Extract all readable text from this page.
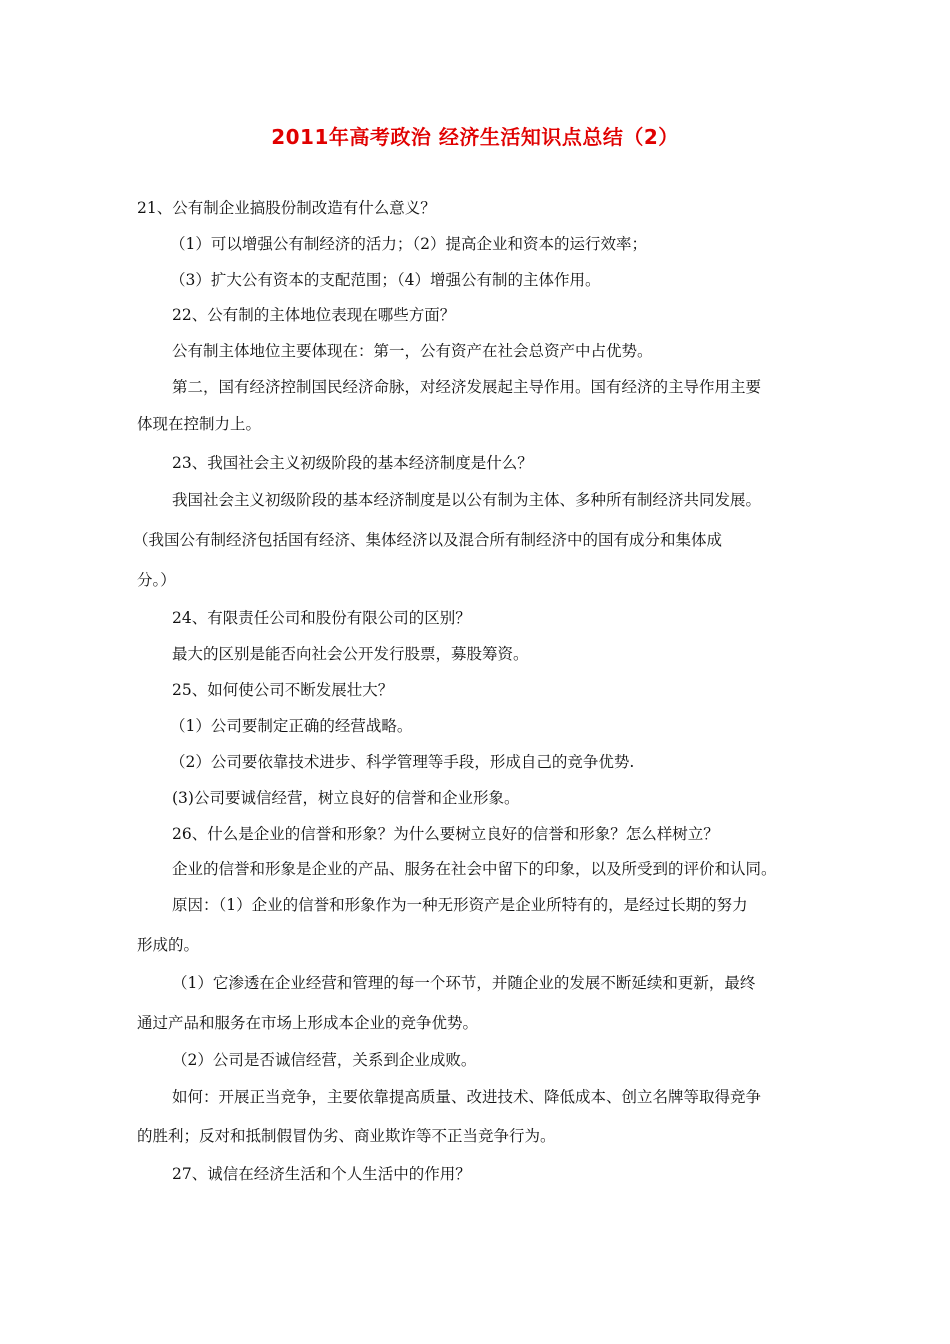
2011年高考政治 经济生活知识点总结（2）
21、公有制企业搞股份制改造有什么意义？
（1）可以增强公有制经济的活力；（2）提高企业和资本的运行效率；
（3）扩大公有资本的支配范围；（4）增强公有制的主体作用。
22、公有制的主体地位表现在哪些方面？
公有制主体地位主要体现在：第一，公有资产在社会总资产中占优势。
第二，国有经济控制国民经济命脉，对经济发展起主导作用。国有经济的主导作用主要
体现在控制力上。
23、我国社会主义初级阶段的基本经济制度是什么？
我国社会主义初级阶段的基本经济制度是以公有制为主体、多种所有制经济共同发展。
（我国公有制经济包括国有经济、集体经济以及混合所有制经济中的国有成分和集体成
分。）
24、有限责任公司和股份有限公司的区别？
最大的区别是能否向社会公开发行股票，募股筹资。
25、如何使公司不断发展壮大？
（1）公司要制定正确的经营战略。
（2）公司要依靠技术进步、科学管理等手段，形成自己的竞争优势.
(3)公司要诚信经营，树立良好的信誉和企业形象。
26、什么是企业的信誉和形象？为什么要树立良好的信誉和形象？怎么样树立？
企业的信誉和形象是企业的产品、服务在社会中留下的印象，以及所受到的评价和认同。
原因：（1）企业的信誉和形象作为一种无形资产是企业所特有的，是经过长期的努力
形成的。
（1）它渗透在企业经营和管理的每一个环节，并随企业的发展不断延续和更新，最终
通过产品和服务在市场上形成本企业的竞争优势。
（2）公司是否诚信经营，关系到企业成败。
如何：开展正当竞争，主要依靠提高质量、改进技术、降低成本、创立名牌等取得竞争
的胜利；反对和抵制假冒伪劣、商业欺诈等不正当竞争行为。
27、诚信在经济生活和个人生活中的作用？
